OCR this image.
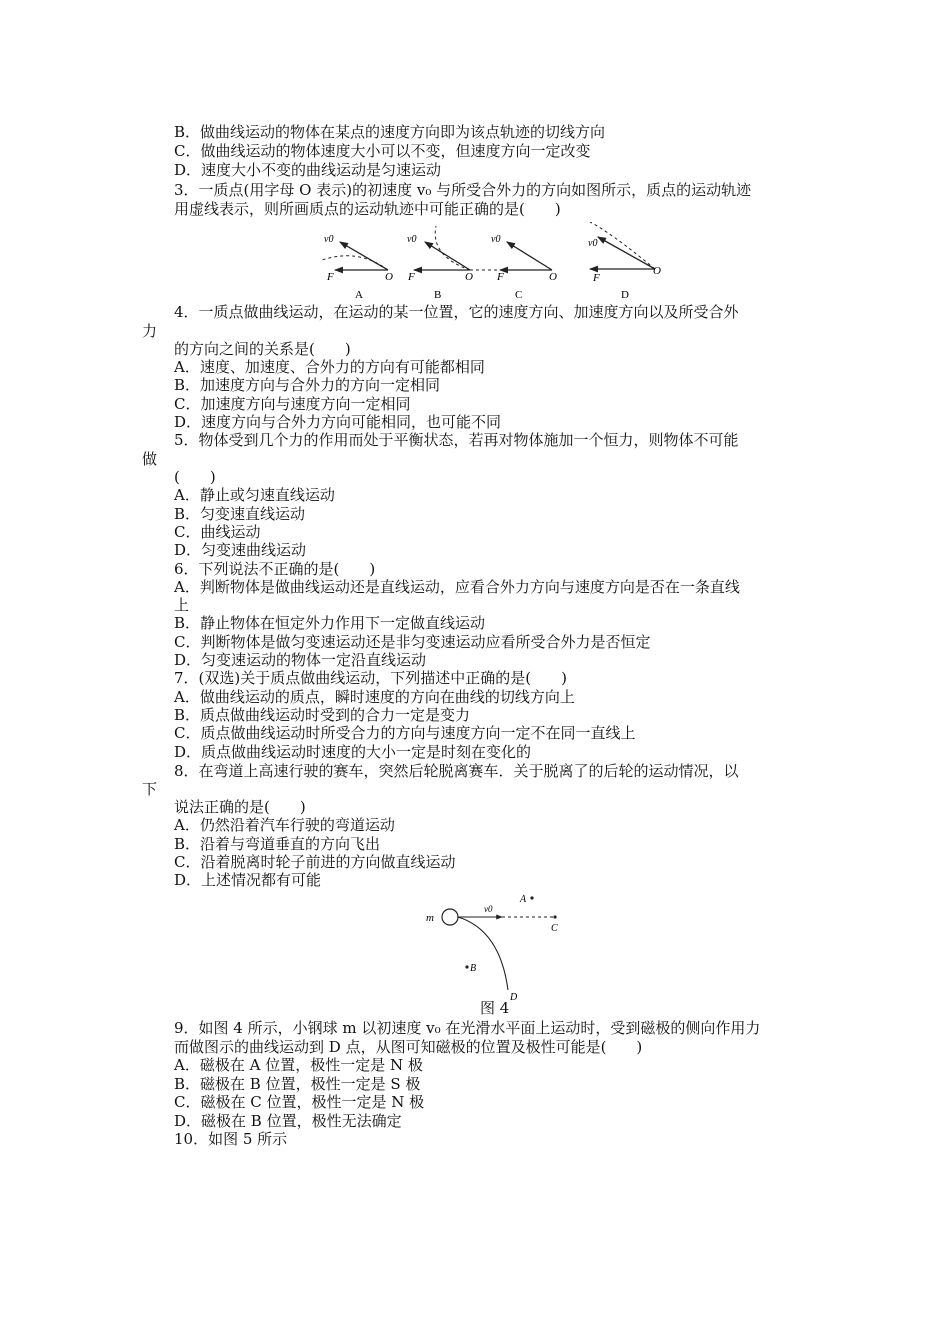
B．做曲线运动的物体在某点的速度方向即为该点轨迹的切线方向
C．做曲线运动的物体速度大小可以不变，但速度方向一定改变
D．速度大小不变的曲线运动是匀速运动
3．一质点(用字母 O 表示)的初速度 v₀ 与所受合外力的方向如图所示，质点的运动轨迹
用虚线表示，则所画质点的运动轨迹中可能正确的是(　　)
v0
F	O
A
v0
F	O
B
v0
F	O
C
v0
F
O
D
4．一质点做曲线运动，在运动的某一位置，它的速度方向、加速度方向以及所受合外
力
的方向之间的关系是(　　)
A．速度、加速度、合外力的方向有可能都相同
B．加速度方向与合外力的方向一定相同
C．加速度方向与速度方向一定相同
D．速度方向与合外力方向可能相同，也可能不同
5．物体受到几个力的作用而处于平衡状态，若再对物体施加一个恒力，则物体不可能
做
(　　)
A．静止或匀速直线运动
B．匀变速直线运动
C．曲线运动
D．匀变速曲线运动
6．下列说法不正确的是(　　)
A．判断物体是做曲线运动还是直线运动，应看合外力方向与速度方向是否在一条直线
上
B．静止物体在恒定外力作用下一定做直线运动
C．判断物体是做匀变速运动还是非匀变速运动应看所受合外力是否恒定
D．匀变速运动的物体一定沿直线运动
7．(双选)关于质点做曲线运动，下列描述中正确的是(　　)
A．做曲线运动的质点，瞬时速度的方向在曲线的切线方向上
B．质点做曲线运动时受到的合力一定是变力
C．质点做曲线运动时所受合力的方向与速度方向一定不在同一直线上
D．质点做曲线运动时速度的大小一定是时刻在变化的
8．在弯道上高速行驶的赛车，突然后轮脱离赛车．关于脱离了的后轮的运动情况，以
下
说法正确的是(　　)
A．仍然沿着汽车行驶的弯道运动
B．沿着与弯道垂直的方向飞出
C．沿着脱离时轮子前进的方向做直线运动
D．上述情况都有可能
m
v0
A
C
B
D
图 4
9．如图 4 所示，小钢球 m 以初速度 v₀ 在光滑水平面上运动时，受到磁极的侧向作用力
而做图示的曲线运动到 D 点，从图可知磁极的位置及极性可能是(　　)
A．磁极在 A 位置，极性一定是 N 极
B．磁极在 B 位置，极性一定是 S 极
C．磁极在 C 位置，极性一定是 N 极
D．磁极在 B 位置，极性无法确定
10．如图 5 所示
